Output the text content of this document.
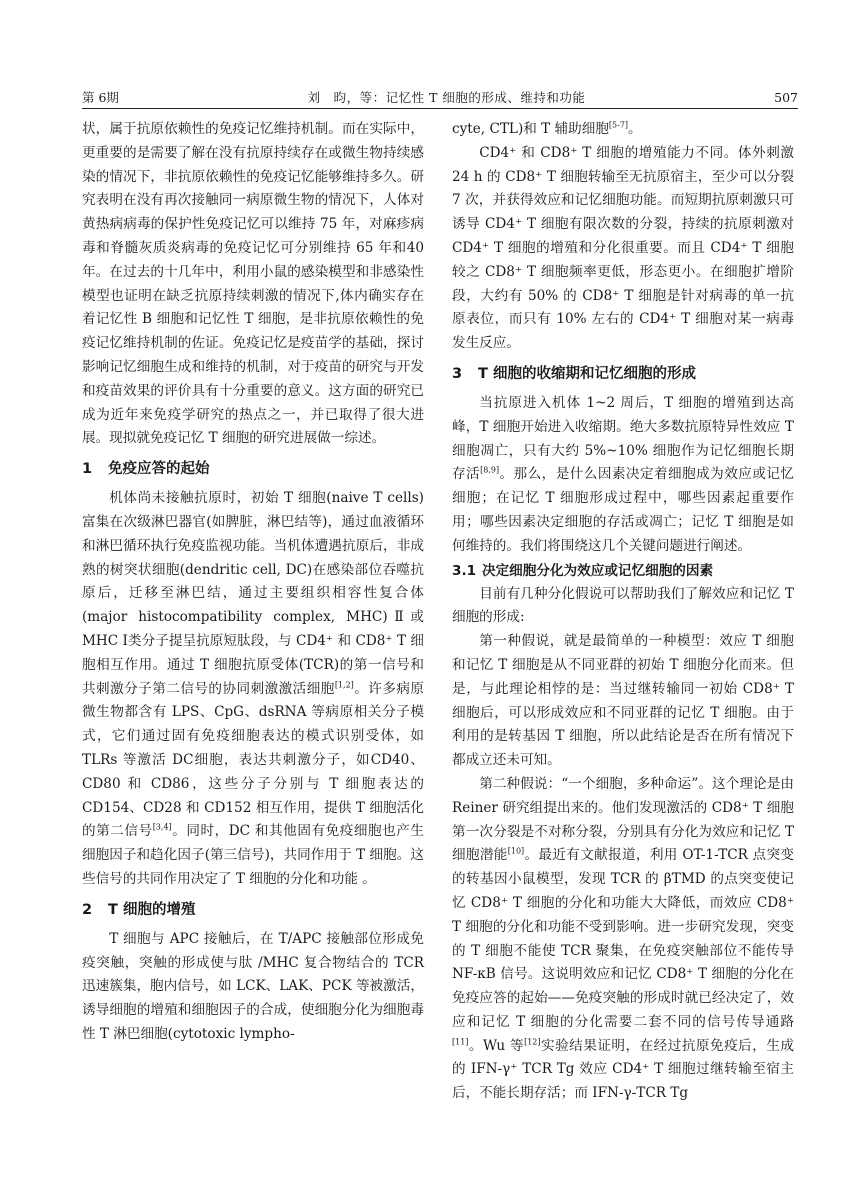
第 6期	刘　昀，等：记忆性 T 细胞的形成、维持和功能	507

状，属于抗原依赖性的免疫记忆维持机制。而在实际中，更重要的是需要了解在没有抗原持续存在或微生物持续感染的情况下，非抗原依赖性的免疫记忆能够维持多久。研究表明在没有再次接触同一病原微生物的情况下，人体对黄热病病毒的保护性免疫记忆可以维持 75 年，对麻疹病毒和脊髓灰质炎病毒的免疫记忆可分别维持 65 年和40 年。在过去的十几年中，利用小鼠的感染模型和非感染性模型也证明在缺乏抗原持续刺激的情况下,体内确实存在着记忆性 B 细胞和记忆性 T 细胞，是非抗原依赖性的免疫记忆维持机制的佐证。免疫记忆是疫苗学的基础，探讨影响记忆细胞生成和维持的机制，对于疫苗的研究与开发和疫苗效果的评价具有十分重要的意义。这方面的研究已成为近年来免疫学研究的热点之一，并已取得了很大进展。现拟就免疫记忆 T 细胞的研究进展做一综述。

1 免疫应答的起始

机体尚未接触抗原时，初始 T 细胞(naive T cells)富集在次级淋巴器官(如脾脏，淋巴结等)，通过血液循环和淋巴循环执行免疫监视功能。当机体遭遇抗原后，非成熟的树突状细胞(dendritic cell, DC)在感染部位吞噬抗原后，迁移至淋巴结，通过主要组织相容性复合体(major histocompatibility complex, MHC)Ⅱ或 MHC Ⅰ类分子提呈抗原短肽段，与 CD4⁺ 和 CD8⁺ T 细胞相互作用。通过 T 细胞抗原受体(TCR)的第一信号和共刺激分子第二信号的协同刺激激活细胞[1,2]。许多病原微生物都含有 LPS、CpG、dsRNA 等病原相关分子模式，它们通过固有免疫细胞表达的模式识别受体，如 TLRs 等激活 DC细胞，表达共刺激分子，如CD40、CD80 和 CD86，这些分子分别与 T 细胞表达的 CD154、CD28 和 CD152 相互作用，提供 T 细胞活化的第二信号[3,4]。同时，DC 和其他固有免疫细胞也产生细胞因子和趋化因子(第三信号)，共同作用于 T 细胞。这些信号的共同作用决定了 T 细胞的分化和功能 。

2 T 细胞的增殖

T 细胞与 APC 接触后，在 T/APC 接触部位形成免疫突触，突触的形成使与肽 /MHC 复合物结合的 TCR 迅速簇集，胞内信号，如 LCK、LAK、PCK 等被激活，诱导细胞的增殖和细胞因子的合成，使细胞分化为细胞毒性 T 淋巴细胞(cytotoxic lympho-

cyte, CTL)和 T 辅助细胞[5-7]。

CD4⁺ 和 CD8⁺ T 细胞的增殖能力不同。体外刺激 24 h 的 CD8⁺ T 细胞转输至无抗原宿主，至少可以分裂 7 次，并获得效应和记忆细胞功能。而短期抗原刺激只可诱导 CD4⁺ T 细胞有限次数的分裂，持续的抗原刺激对 CD4⁺ T 细胞的增殖和分化很重要。而且 CD4⁺ T 细胞较之 CD8⁺ T 细胞频率更低，形态更小。在细胞扩增阶段，大约有 50% 的 CD8⁺ T 细胞是针对病毒的单一抗原表位，而只有 10% 左右的 CD4⁺ T 细胞对某一病毒发生反应。

3 T 细胞的收缩期和记忆细胞的形成

当抗原进入机体 1~2 周后，T 细胞的增殖到达高峰，T 细胞开始进入收缩期。绝大多数抗原特异性效应 T 细胞凋亡，只有大约 5%~10% 细胞作为记忆细胞长期存活[8,9]。那么，是什么因素决定着细胞成为效应或记忆细胞；在记忆 T 细胞形成过程中，哪些因素起重要作用；哪些因素决定细胞的存活或凋亡；记忆 T 细胞是如何维持的。我们将围绕这几个关键问题进行阐述。

3.1 决定细胞分化为效应或记忆细胞的因素

目前有几种分化假说可以帮助我们了解效应和记忆 T 细胞的形成:

第一种假说，就是最简单的一种模型：效应 T 细胞和记忆 T 细胞是从不同亚群的初始 T 细胞分化而来。但是，与此理论相悖的是：当过继转输同一初始 CD8⁺ T 细胞后，可以形成效应和不同亚群的记忆 T 细胞。由于利用的是转基因 T 细胞，所以此结论是否在所有情况下都成立还未可知。

第二种假说：“一个细胞，多种命运”。这个理论是由 Reiner 研究组提出来的。他们发现激活的 CD8⁺ T 细胞第一次分裂是不对称分裂，分别具有分化为效应和记忆 T 细胞潜能[10]。最近有文献报道，利用 OT-1-TCR 点突变的转基因小鼠模型，发现 TCR 的 βTMD 的点突变使记忆 CD8⁺ T 细胞的分化和功能大大降低，而效应 CD8⁺ T 细胞的分化和功能不受到影响。进一步研究发现，突变的 T 细胞不能使 TCR 聚集，在免疫突触部位不能传导 NF-κB 信号。这说明效应和记忆 CD8⁺ T 细胞的分化在免疫应答的起始——免疫突触的形成时就已经决定了，效应和记忆 T 细胞的分化需要二套不同的信号传导通路[11]。Wu 等[12]实验结果证明，在经过抗原免疫后，生成的 IFN-γ⁺ TCR Tg 效应 CD4⁺ T 细胞过继转输至宿主后，不能长期存活；而 IFN-γ-TCR Tg
